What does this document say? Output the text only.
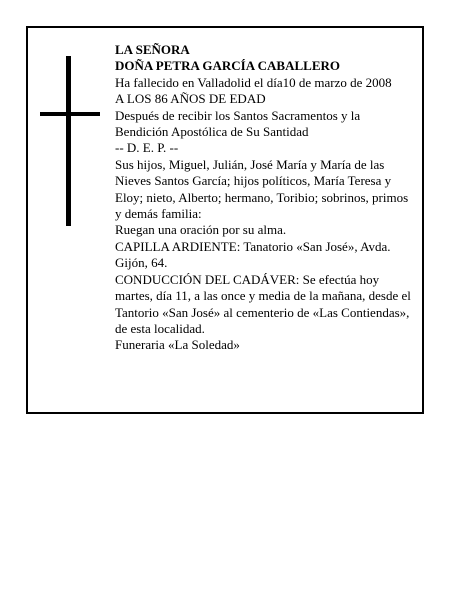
LA SEÑORA
DOÑA PETRA GARCÍA CABALLERO
Ha fallecido en Valladolid el día10 de marzo de 2008
A LOS 86 AÑOS DE EDAD
Después de recibir los Santos Sacramentos y la Bendición Apostólica de Su Santidad
-- D. E. P. --
Sus hijos, Miguel, Julián, José María y María de las Nieves Santos García; hijos políticos, María Teresa y Eloy; nieto, Alberto; hermano, Toribio; sobrinos, primos y demás familia:
Ruegan una oración por su alma.
CAPILLA ARDIENTE: Tanatorio «San José», Avda. Gijón, 64.
CONDUCCIÓN DEL CADÁVER: Se efectúa hoy martes, día 11, a las once y media de la mañana, desde el Tantorio «San José» al cementerio de «Las Contiendas», de esta localidad.
Funeraria «La Soledad»
